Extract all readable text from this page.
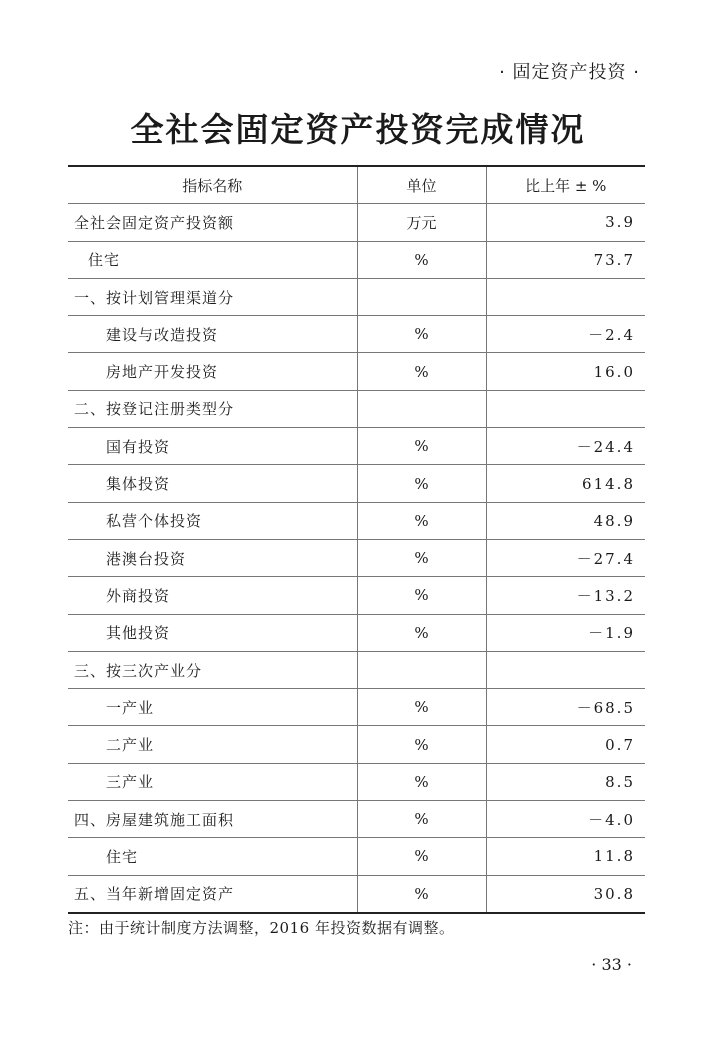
· 固定资产投资 ·
全社会固定资产投资完成情况
指标名称	单位	比上年 ± %
全社会固定资产投资额	万元	3.9
住宅	%	73.7
一、按计划管理渠道分		
建设与改造投资	%	－2.4
房地产开发投资	%	16.0
二、按登记注册类型分		
国有投资	%	－24.4
集体投资	%	614.8
私营个体投资	%	48.9
港澳台投资	%	－27.4
外商投资	%	－13.2
其他投资	%	－1.9
三、按三次产业分		
一产业	%	－68.5
二产业	%	0.7
三产业	%	8.5
四、房屋建筑施工面积	%	－4.0
住宅	%	11.8
五、当年新增固定资产	%	30.8
注：由于统计制度方法调整，2016 年投资数据有调整。
· 33 ·
